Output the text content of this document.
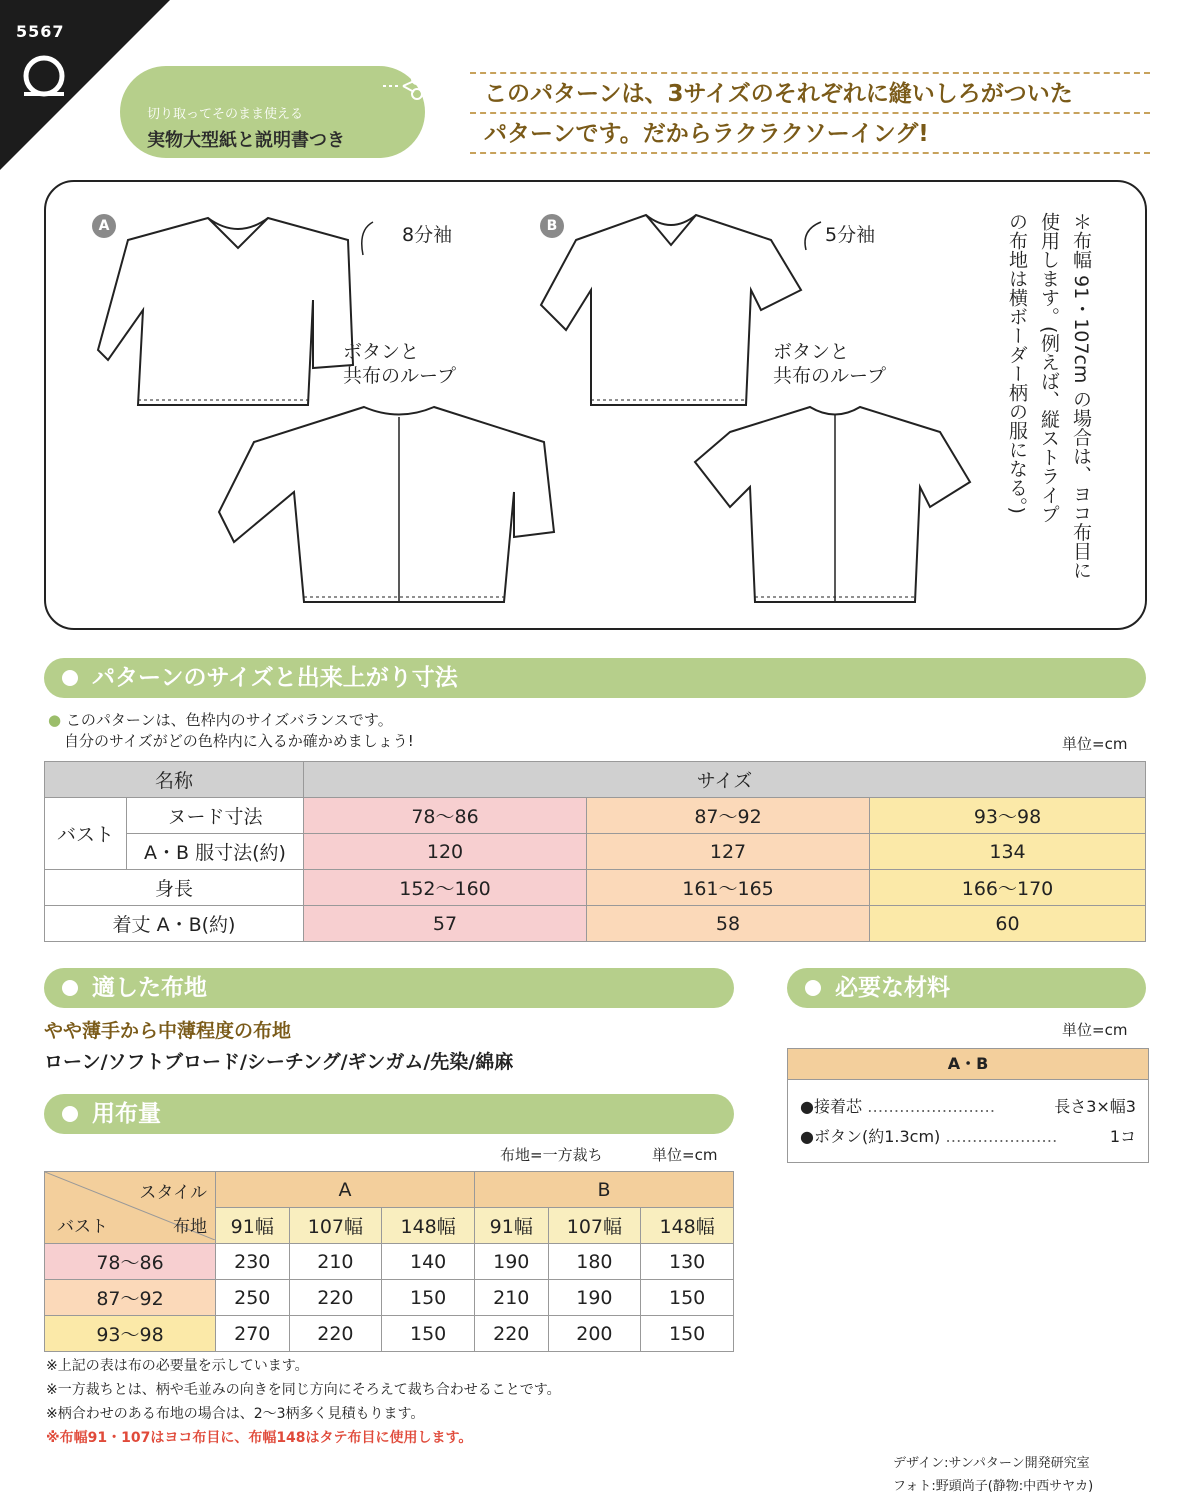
5567
切り取ってそのまま使える
実物大型紙と説明書つき
このパターンは、3サイズのそれぞれに縫いしろがついた
パターンです。だからラクラクソーイング!
A	8分袖
ボタンと
共布のループ
B	5分袖
ボタンと
共布のループ	＊布幅 91・107cm の場合は、ヨコ布目に
使用します。(例えば、縦ストライプ
の布地は横ボーダー柄の服になる。)
パターンのサイズと出来上がり寸法
● このパターンは、色枠内のサイズバランスです。
自分のサイズがどの色枠内に入るか確かめましょう!	単位=cm
名称		サイズ		
バスト	ヌード寸法	78〜86	87〜92	93〜98
	A・B 服寸法(約)	120	127	134
身長		152〜160	161〜165	166〜170
着丈 A・B(約)		57	58	60
適した布地
やや薄手から中薄程度の布地
ローン/ソフトブロード/シーチング/ギンガム/先染/綿麻
必要な材料
単位=cm
A・B
●接着芯 ……………………	長さ3×幅3
●ボタン(約1.3cm) …………………	1コ
用布量
布地=一方裁ち	単位=cm
スタイル
布地
バスト	A			B		
	91幅	107幅	148幅	91幅	107幅	148幅
78〜86	230	210	140	190	180	130
87〜92	250	220	150	210	190	150
93〜98	270	220	150	220	200	150
※上記の表は布の必要量を示しています。
※一方裁ちとは、柄や毛並みの向きを同じ方向にそろえて裁ち合わせることです。
※柄合わせのある布地の場合は、2〜3柄多く見積もります。
※布幅91・107はヨコ布目に、布幅148はタテ布目に使用します。
デザイン:サンパターン開発研究室
フォト:野頭尚子(静物:中西サヤカ)
